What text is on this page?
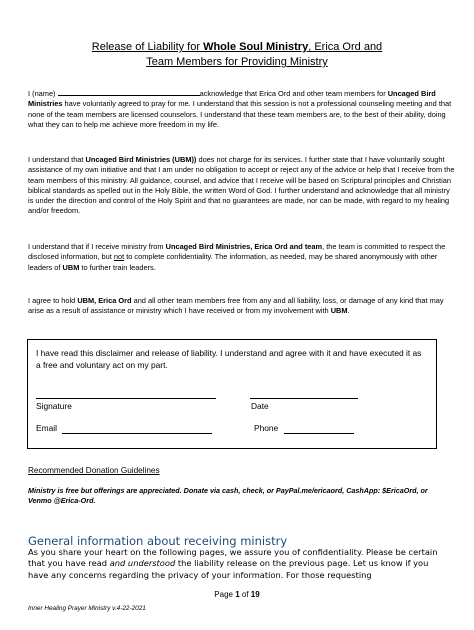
Release of Liability for Whole Soul Ministry, Erica Ord and
Team Members for Providing Ministry
I (name)	acknowledge that Erica Ord and other team members for Uncaged Bird Ministries have voluntarily agreed to pray for me. I understand that this session is not a professional counseling meeting and that none of the team members are licensed counselors. I understand that these team members are, to the best of their ability, doing what they can to help me achieve more freedom in my life.
I understand that Uncaged Bird Ministries (UBM)) does not charge for its services. I further state that I have voluntarily sought assistance of my own initiative and that I am under no obligation to accept or reject any of the advice or help that I receive from the team members of this ministry. All guidance, counsel, and advice that I receive will be based on Scriptural principles and Christian biblical standards as spelled out in the Holy Bible, the written Word of God. I further understand and acknowledge that all ministry is under the direction and control of the Holy Spirit and that no guarantees are made, nor can be made, with regard to my healing and/or freedom.
I understand that if I receive ministry from Uncaged Bird Ministries, Erica Ord and team, the team is committed to respect the disclosed information, but not to complete confidentiality. The information, as needed, may be shared anonymously with other leaders of UBM to further train leaders.
I agree to hold UBM, Erica Ord and all other team members free from any and all liability, loss, or damage of any kind that may arise as a result of assistance or ministry which I have received or from my involvement with UBM.
I have read this disclaimer and release of liability. I understand and agree with it and have executed it as a free and voluntary act on my part.
Signature	Date
Email	Phone
Recommended Donation Guidelines
Ministry is free but offerings are appreciated. Donate via cash, check, or PayPal.me/ericaord, CashApp: $EricaOrd, or Venmo @Erica-Ord.
General information about receiving ministry
As you share your heart on the following pages, we assure you of confidentiality. Please be certain that you have read and understood the liability release on the previous page. Let us know if you have any concerns regarding the privacy of your information. For those requesting
Page 1 of 19
Inner Healing Prayer Ministry v.4-22-2021
